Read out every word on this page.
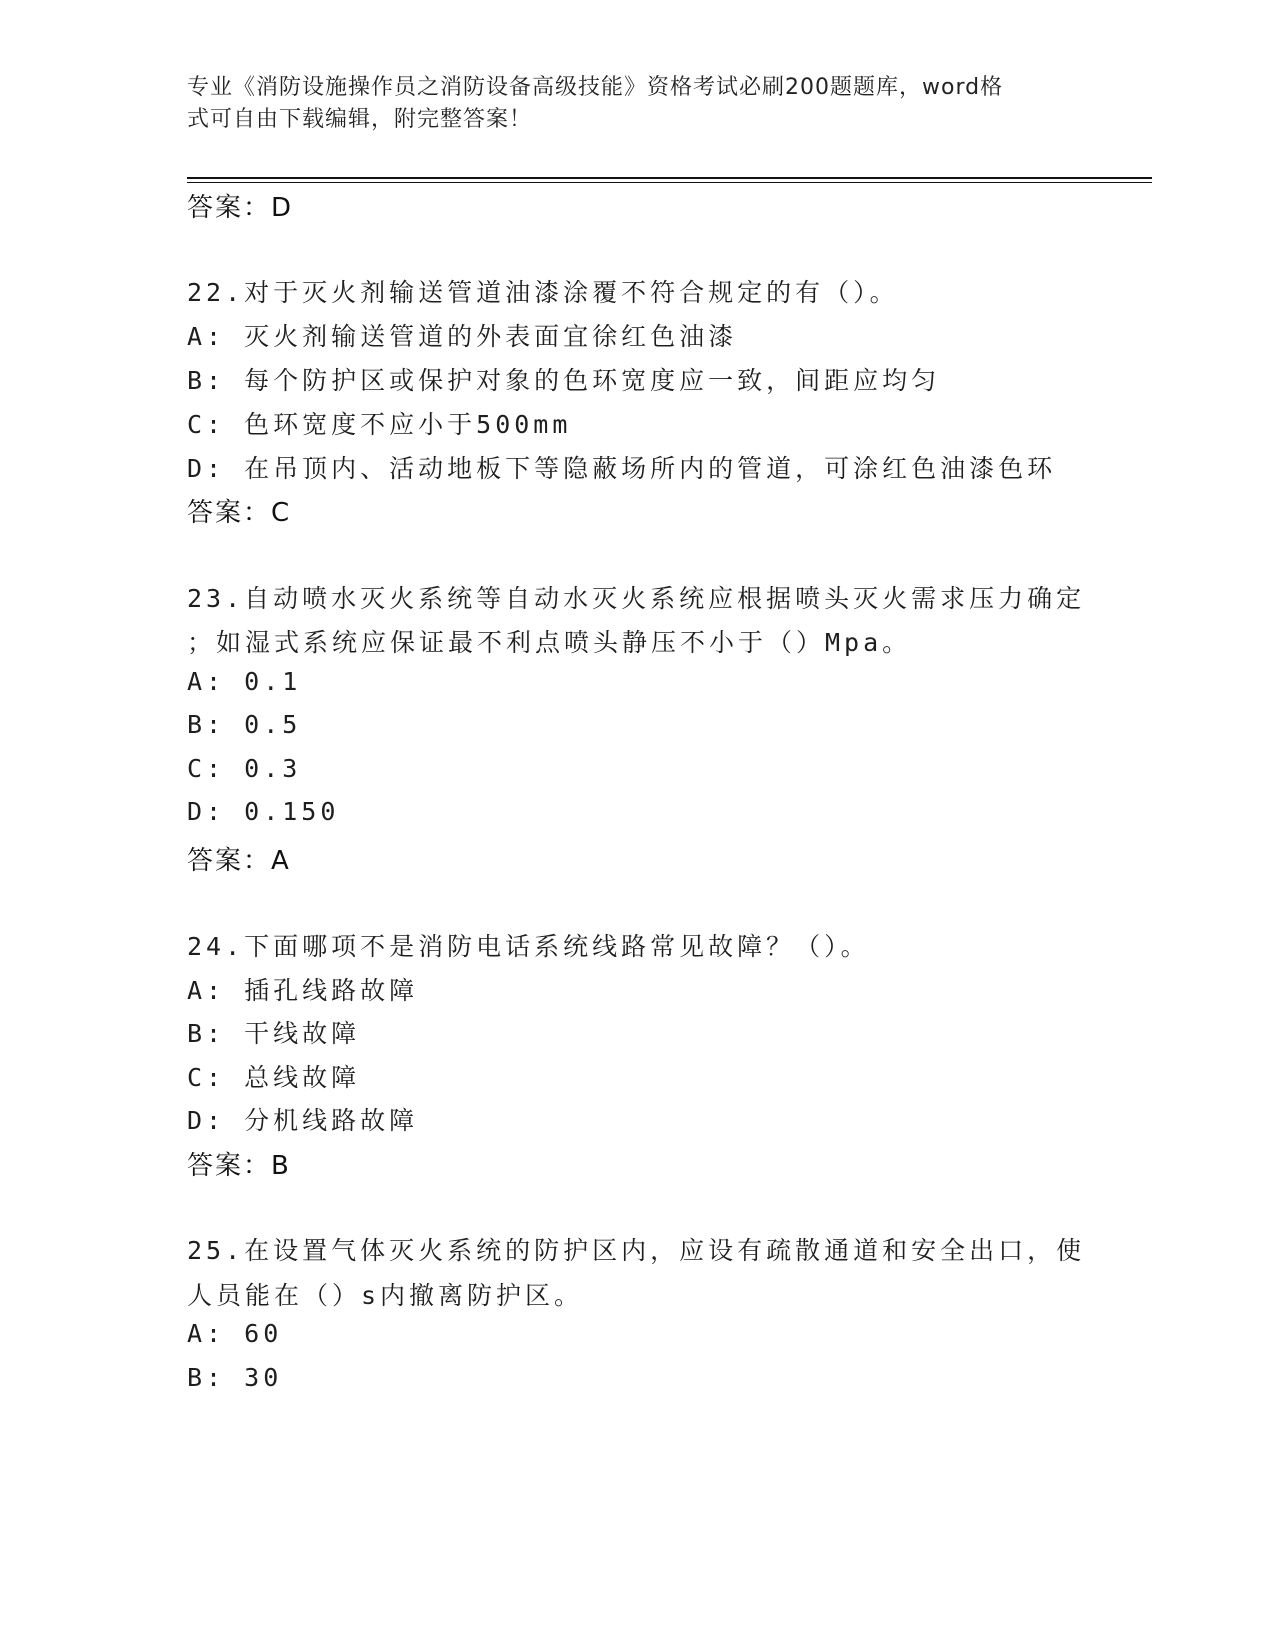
专业《消防设施操作员之消防设备高级技能》资格考试必刷200题题库，word格
式可自由下载编辑，附完整答案！
答案：D
22.对于灭火剂输送管道油漆涂覆不符合规定的有（）。
A: 灭火剂输送管道的外表面宜徐红色油漆
B: 每个防护区或保护对象的色环宽度应一致，间距应均匀
C: 色环宽度不应小于500mm
D: 在吊顶内、活动地板下等隐蔽场所内的管道，可涂红色油漆色环
答案：C
23.自动喷水灭火系统等自动水灭火系统应根据喷头灭火需求压力确定
；如湿式系统应保证最不利点喷头静压不小于（）Mpa。
A: 0.1
B: 0.5
C: 0.3
D: 0.150
答案：A
24.下面哪项不是消防电话系统线路常见故障？（）。
A: 插孔线路故障
B: 干线故障
C: 总线故障
D: 分机线路故障
答案：B
25.在设置气体灭火系统的防护区内，应设有疏散通道和安全出口，使
人员能在（）s内撤离防护区。
A: 60
B: 30
